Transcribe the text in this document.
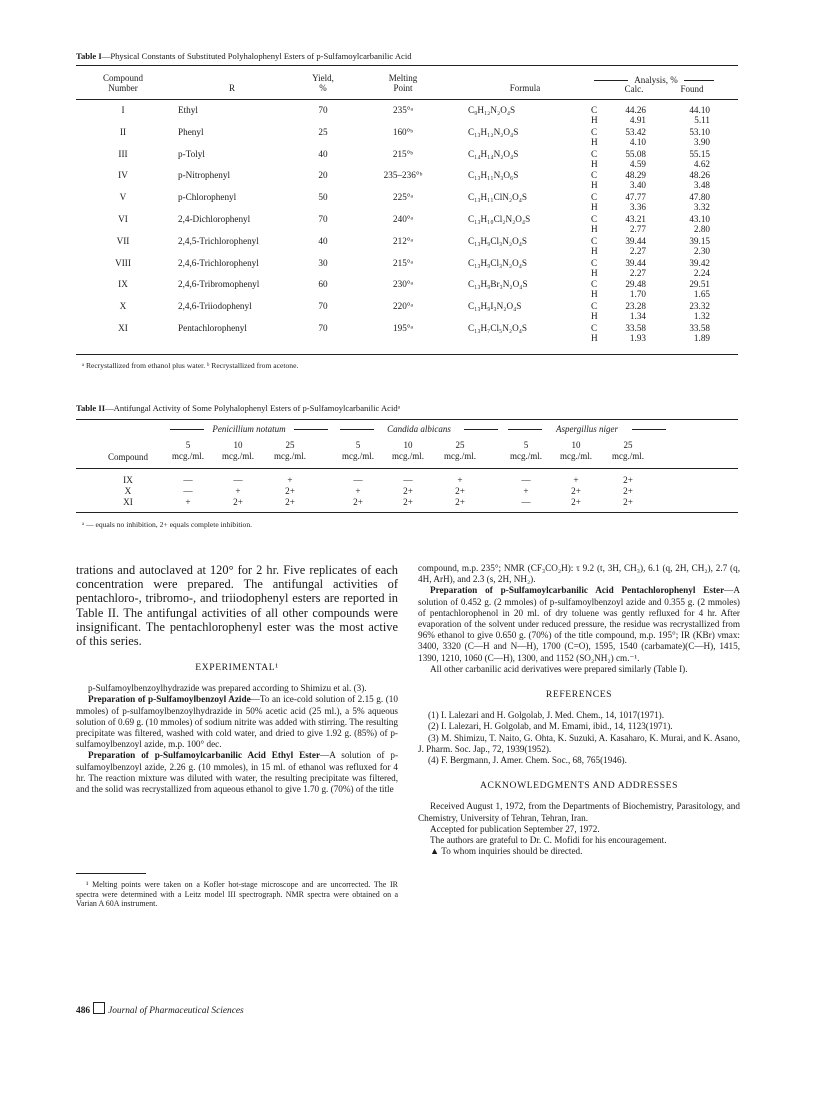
Table I—Physical Constants of Substituted Polyhalophenyl Esters of p-Sulfamoylcarbanilic Acid
Compound
Number	R
Yield,
%
Melting
Point	Formula
Analysis, %
Calc.	Found
I	Ethyl	70	235°ᵃ	C₉H₁₂N₂O₄S	C	44.26	44.10
H	4.91	5.11
II	Phenyl	25	160°ᵇ	C₁₃H₁₂N₂O₄S	C	53.42	53.10
H	4.10	3.90
III	p-Tolyl	40	215°ᵇ	C₁₄H₁₄N₂O₄S	C	55.08	55.15
H	4.59	4.62
IV	p-Nitrophenyl	20	235–236°ᵇ	C₁₃H₁₁N₃O₆S	C	48.29	48.26
H	3.40	3.48
V	p-Chlorophenyl	50	225°ᵃ	C₁₃H₁₁ClN₂O₄S	C	47.77	47.80
H	3.36	3.32
VI	2,4-Dichlorophenyl	70	240°ᵃ	C₁₃H₁₀Cl₂N₂O₄S	C	43.21	43.10
H	2.77	2.80
VII	2,4,5-Trichlorophenyl	40	212°ᵃ	C₁₃H₉Cl₃N₂O₄S	C	39.44	39.15
H	2.27	2.30
VIII	2,4,6-Trichlorophenyl	30	215°ᵃ	C₁₃H₉Cl₃N₂O₄S	C	39.44	39.42
H	2.27	2.24
IX	2,4,6-Tribromophenyl	60	230°ᵃ	C₁₃H₉Br₃N₂O₄S	C	29.48	29.51
H	1.70	1.65
X	2,4,6-Triiodophenyl	70	220°ᵃ	C₁₃H₉I₃N₂O₄S	C	23.28	23.32
H	1.34	1.32
XI	Pentachlorophenyl	70	195°ᵃ	C₁₃H₇Cl₅N₂O₄S	C	33.58	33.58
H	1.93	1.89
ᵃ Recrystallized from ethanol plus water. ᵇ Recrystallized from acetone.
Table II—Antifungal Activity of Some Polyhalophenyl Esters of p-Sulfamoylcarbanilic Acidᵃ
Penicillium notatum	Candida albicans	Aspergillus niger
Compound
5
mcg./ml.
10
mcg./ml.
25
mcg./ml.
5
mcg./ml.
10
mcg./ml.
25
mcg./ml.
5
mcg./ml.
10
mcg./ml.
25
mcg./ml.
IX	—	—	+	—	—	+	—	+	2+
X	—	+	2+	+	2+	2+	+	2+	2+
XI	+	2+	2+	2+	2+	2+	—	2+	2+
ᵃ — equals no inhibition, 2+ equals complete inhibition.

trations and autoclaved at 120° for 2 hr. Five replicates of each concentration were prepared. The antifungal activities of pentachloro-, tribromo-, and triiodophenyl esters are reported in Table II. The antifungal activities of all other compounds were insignificant. The pentachlorophenyl ester was the most active of this series.

EXPERIMENTAL¹

p-Sulfamoylbenzoylhydrazide was prepared according to Shimizu et al. (3).

Preparation of p-Sulfamoylbenzoyl Azide—To an ice-cold solution of 2.15 g. (10 mmoles) of p-sulfamoylbenzoylhydrazide in 50% acetic acid (25 ml.), a 5% aqueous solution of 0.69 g. (10 mmoles) of sodium nitrite was added with stirring. The resulting precipitate was filtered, washed with cold water, and dried to give 1.92 g. (85%) of p-sulfamoylbenzoyl azide, m.p. 100° dec.

Preparation of p-Sulfamoylcarbanilic Acid Ethyl Ester—A solution of p-sulfamoylbenzoyl azide, 2.26 g. (10 mmoles), in 15 ml. of ethanol was refluxed for 4 hr. The reaction mixture was diluted with water, the resulting precipitate was filtered, and the solid was recrystallized from aqueous ethanol to give 1.70 g. (70%) of the title

¹ Melting points were taken on a Kofler hot-stage microscope and are uncorrected. The IR spectra were determined with a Leitz model III spectrograph. NMR spectra were obtained on a Varian A 60A instrument.

compound, m.p. 235°; NMR (CF₃CO₂H): τ 9.2 (t, 3H, CH₃), 6.1 (q, 2H, CH₂), 2.7 (q, 4H, ArH), and 2.3 (s, 2H, NH₂).

Preparation of p-Sulfamoylcarbanilic Acid Pentachlorophenyl Ester—A solution of 0.452 g. (2 mmoles) of p-sulfamoylbenzoyl azide and 0.355 g. (2 mmoles) of pentachlorophenol in 20 ml. of dry toluene was gently refluxed for 4 hr. After evaporation of the solvent under reduced pressure, the residue was recrystallized from 96% ethanol to give 0.650 g. (70%) of the title compound, m.p. 195°; IR (KBr) νmax: 3400, 3320 (C—H and N—H), 1700 (C=O), 1595, 1540 (carbamate)(C—H), 1415, 1390, 1210, 1060 (C—H), 1300, and 1152 (SO₂NH₂) cm.⁻¹.

All other carbanilic acid derivatives were prepared similarly (Table I).

REFERENCES

(1) I. Lalezari and H. Golgolab, J. Med. Chem., 14, 1017(1971).

(2) I. Lalezari, H. Golgolab, and M. Emami, ibid., 14, 1123(1971).

(3) M. Shimizu, T. Naito, G. Ohta, K. Suzuki, A. Kasaharo, K. Murai, and K. Asano, J. Pharm. Soc. Jap., 72, 1939(1952).

(4) F. Bergmann, J. Amer. Chem. Soc., 68, 765(1946).

ACKNOWLEDGMENTS AND ADDRESSES

Received August 1, 1972, from the Departments of Biochemistry, Parasitology, and Chemistry, University of Tehran, Tehran, Iran.

Accepted for publication September 27, 1972.

The authors are grateful to Dr. C. Mofidi for his encouragement.

▲ To whom inquiries should be directed.

486 Journal of Pharmaceutical Sciences
